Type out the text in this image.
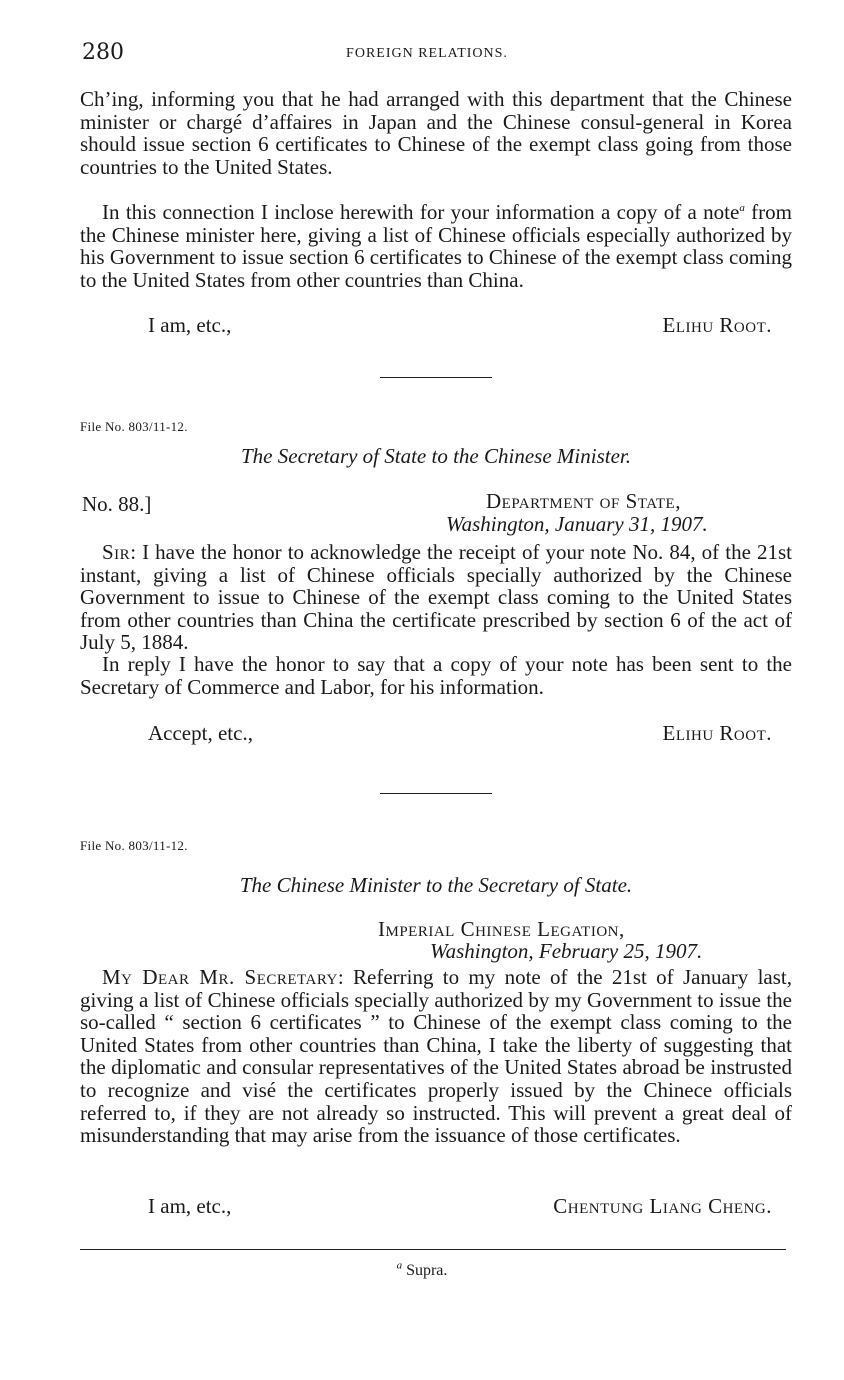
280	FOREIGN RELATIONS.
Ch’ing, informing you that he had arranged with this department that the Chinese minister or chargé d’affaires in Japan and the Chinese consul-general in Korea should issue section 6 certificates to Chinese of the exempt class going from those countries to the United States.
In this connection I inclose herewith for your information a copy of a note$^a$ from the Chinese minister here, giving a list of Chinese officials especially authorized by his Government to issue section 6 certificates to Chinese of the exempt class coming to the United States from other countries than China.
I am, etc.,	Elihu Root.
File No. 803/11-12.
The Secretary of State to the Chinese Minister.
No. 88.]	Department of State,
Washington, January 31, 1907.
Sir: I have the honor to acknowledge the receipt of your note No. 84, of the 21st instant, giving a list of Chinese officials specially authorized by the Chinese Government to issue to Chinese of the exempt class coming to the United States from other countries than China the certificate prescribed by section 6 of the act of July 5, 1884.
In reply I have the honor to say that a copy of your note has been sent to the Secretary of Commerce and Labor, for his information.
Accept, etc.,	Elihu Root.
File No. 803/11-12.
The Chinese Minister to the Secretary of State.
Imperial Chinese Legation,
Washington, February 25, 1907.
My Dear Mr. Secretary: Referring to my note of the 21st of January last, giving a list of Chinese officials specially authorized by my Government to issue the so-called “ section 6 certificates ” to Chinese of the exempt class coming to the United States from other countries than China, I take the liberty of suggesting that the diplomatic and consular representatives of the United States abroad be instrusted to recognize and visé the certificates properly issued by the Chinece officials referred to, if they are not already so instructed. This will prevent a great deal of misunderstanding that may arise from the issuance of those certificates.
I am, etc.,	Chentung Liang Cheng.
$^a$ Supra.
